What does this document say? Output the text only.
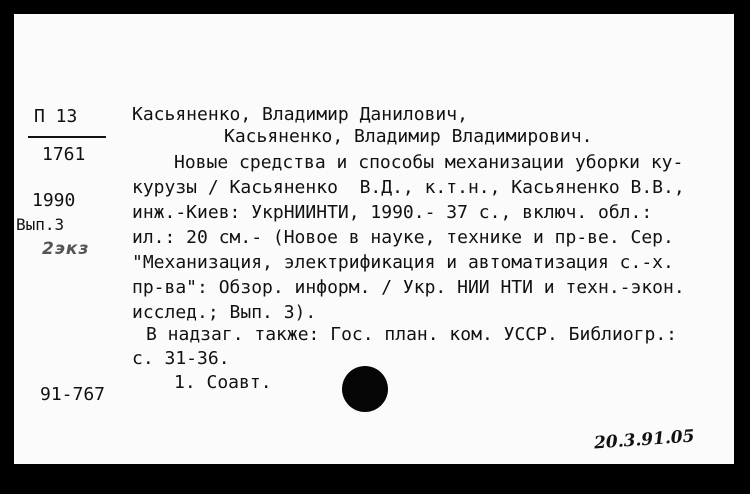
П 13
1761
1990
Вып.3
2экз
91-767
Касьяненко, Владимир Данилович,
Касьяненко, Владимир Владимирович.
Новые средства и способы механизации уборки ку-
курузы / Касьяненко  В.Д., к.т.н., Касьяненко В.В.,
инж.-Киев: УкрНИИНТИ, 1990.- 37 с., включ. обл.:
ил.: 20 см.- (Новое в науке, технике и пр-ве. Сер.
"Механизация, электрификация и автоматизация с.-х.
пр-ва": Обзор. информ. / Укр. НИИ НТИ и техн.-экон.
исслед.; Вып. 3).
В надзаг. также: Гос. план. ком. УССР. Библиогр.:
с. 31-36.
1. Соавт.
20.3.91.05
